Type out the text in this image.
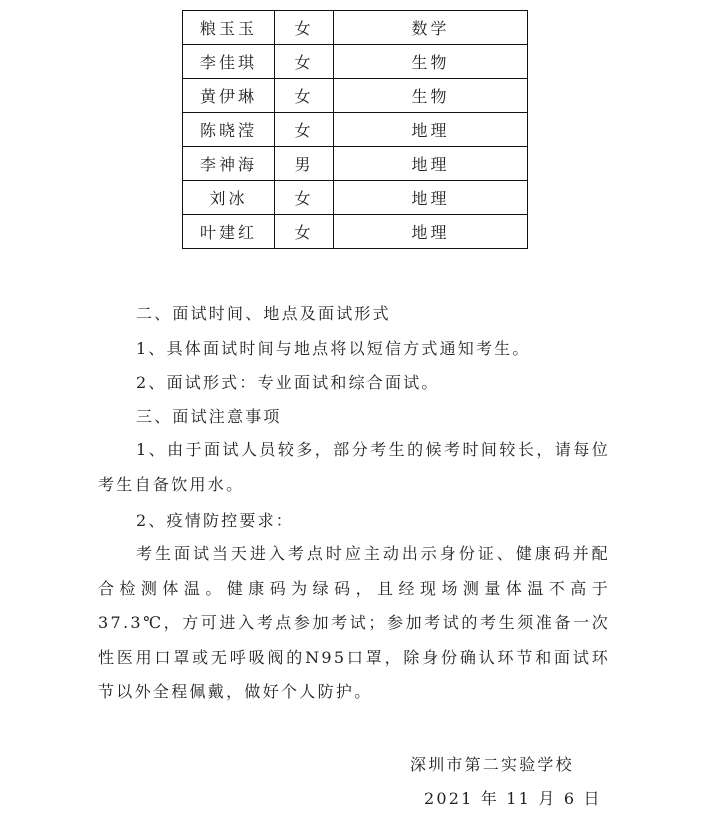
粮玉玉	女	数学
李佳琪	女	生物
黄伊琳	女	生物
陈晓滢	女	地理
李神海	男	地理
刘冰	女	地理
叶建红	女	地理
二、面试时间、地点及面试形式
1、具体面试时间与地点将以短信方式通知考生。
2、面试形式：专业面试和综合面试。
三、面试注意事项
1、由于面试人员较多，部分考生的候考时间较长，请每位考生自备饮用水。
2、疫情防控要求：
考生面试当天进入考点时应主动出示身份证、健康码并配合检测体温。健康码为绿码，且经现场测量体温不高于 37.3℃，方可进入考点参加考试；参加考试的考生须准备一次性医用口罩或无呼吸阀的N95口罩，除身份确认环节和面试环节以外全程佩戴，做好个人防护。
深圳市第二实验学校
2021 年 11 月 6 日
